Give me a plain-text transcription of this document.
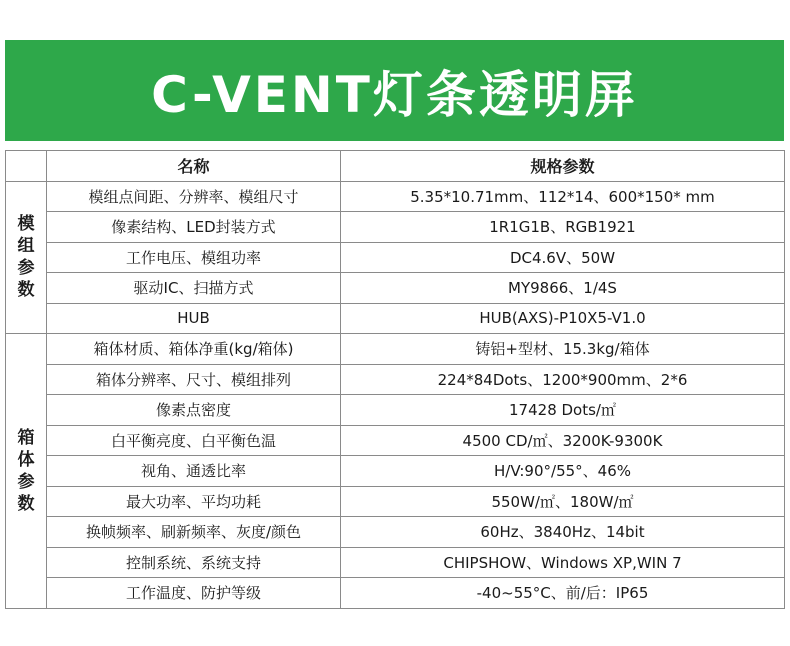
C-VENT灯条透明屏
	名称	规格参数

模
组
参
数	模组点间距、分辨率、模组尺寸	5.35*10.71mm、112*14、600*150* mm
	像素结构、LED封装方式	1R1G1B、RGB1921
	工作电压、模组功率	DC4.6V、50W
	驱动IC、扫描方式	MY9866、1/4S
	HUB	HUB(AXS)-P10X5-V1.0

箱
体
参
数	箱体材质、箱体净重(kg/箱体)	铸铝+型材、15.3kg/箱体
	箱体分辨率、尺寸、模组排列	224*84Dots、1200*900mm、2*6
	像素点密度	17428 Dots/㎡
	白平衡亮度、白平衡色温	4500 CD/㎡、3200K-9300K
	视角、通透比率	H/V:90°/55°、46%
	最大功率、平均功耗	550W/㎡、180W/㎡
	换帧频率、刷新频率、灰度/颜色	60Hz、3840Hz、14bit
	控制系统、系统支持	CHIPSHOW、Windows XP,WIN 7
	工作温度、防护等级	-40~55°C、前/后：IP65
